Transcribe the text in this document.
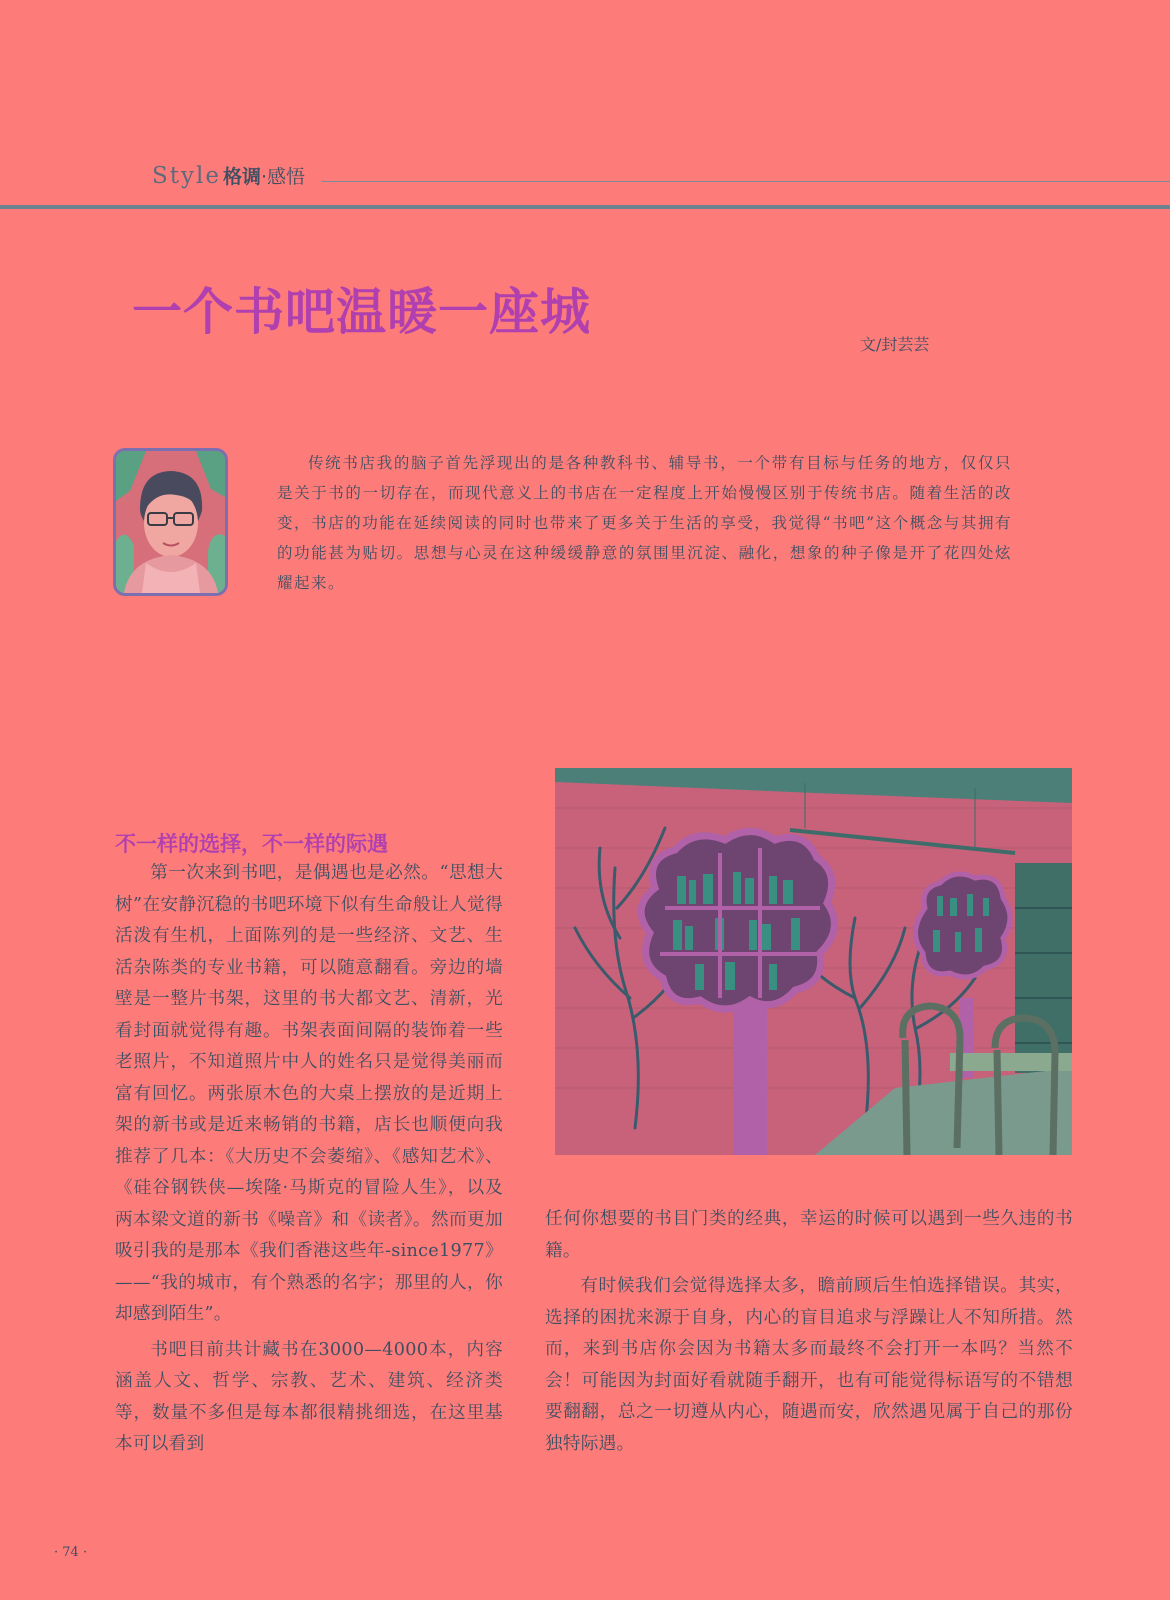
Style 格调 ·感悟
一个书吧温暖一座城
文/封芸芸

传统书店我的脑子首先浮现出的是各种教科书、辅导书，一个带有目标与任务的地方，仅仅只是关于书的一切存在，而现代意义上的书店在一定程度上开始慢慢区别于传统书店。随着生活的改变，书店的功能在延续阅读的同时也带来了更多关于生活的享受，我觉得“书吧”这个概念与其拥有的功能甚为贴切。思想与心灵在这种缓缓静意的氛围里沉淀、融化，想象的种子像是开了花四处炫耀起来。

不一样的选择，不一样的际遇

第一次来到书吧，是偶遇也是必然。“思想大树”在安静沉稳的书吧环境下似有生命般让人觉得活泼有生机，上面陈列的是一些经济、文艺、生活杂陈类的专业书籍，可以随意翻看。旁边的墙壁是一整片书架，这里的书大都文艺、清新，光看封面就觉得有趣。书架表面间隔的装饰着一些老照片，不知道照片中人的姓名只是觉得美丽而富有回忆。两张原木色的大桌上摆放的是近期上架的新书或是近来畅销的书籍，店长也顺便向我推荐了几本：《大历史不会萎缩》、《感知艺术》、《硅谷钢铁侠—埃隆·马斯克的冒险人生》，以及两本梁文道的新书《噪音》和《读者》。然而更加吸引我的是那本《我们香港这些年-since1977》——“我的城市，有个熟悉的名字；那里的人，你却感到陌生”。

书吧目前共计藏书在3000—4000本，内容涵盖人文、哲学、宗教、艺术、建筑、经济类等，数量不多但是每本都很精挑细选，在这里基本可以看到

任何你想要的书目门类的经典，幸运的时候可以遇到一些久违的书籍。

有时候我们会觉得选择太多，瞻前顾后生怕选择错误。其实，选择的困扰来源于自身，内心的盲目追求与浮躁让人不知所措。然而，来到书店你会因为书籍太多而最终不会打开一本吗？当然不会！可能因为封面好看就随手翻开，也有可能觉得标语写的不错想要翻翻，总之一切遵从内心，随遇而安，欣然遇见属于自己的那份独特际遇。

· 74 ·
